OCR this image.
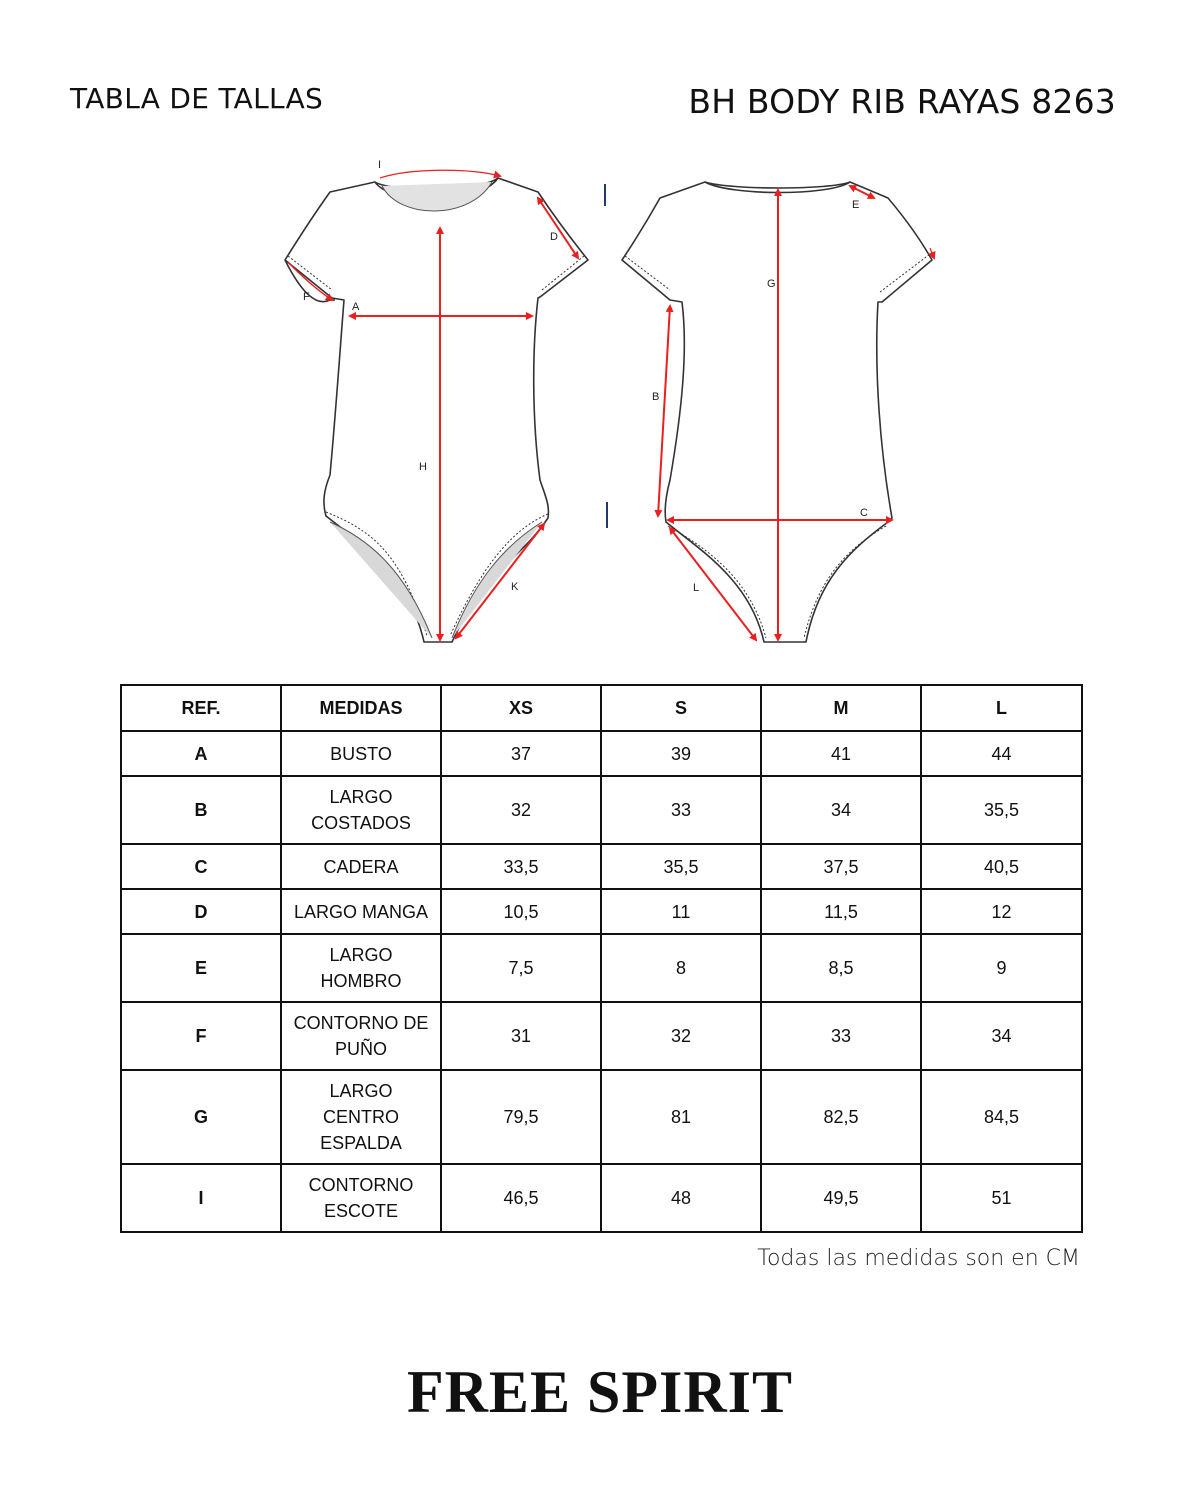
TABLA DE TALLAS	BH BODY RIB RAYAS 8263
I
D
F
A
H
K
E
G
B
C
L
REF.	MEDIDAS	XS	S	M	L
A	BUSTO	37	39	41	44
B	LARGO COSTADOS	32	33	34	35,5
C	CADERA	33,5	35,5	37,5	40,5
D	LARGO MANGA	10,5	11	11,5	12
E	LARGO HOMBRO	7,5	8	8,5	9
F	CONTORNO DE PUÑO	31	32	33	34
G	LARGO CENTRO ESPALDA	79,5	81	82,5	84,5
I	CONTORNO ESCOTE	46,5	48	49,5	51
Todas las medidas son en CM
FREE SPIRIT
